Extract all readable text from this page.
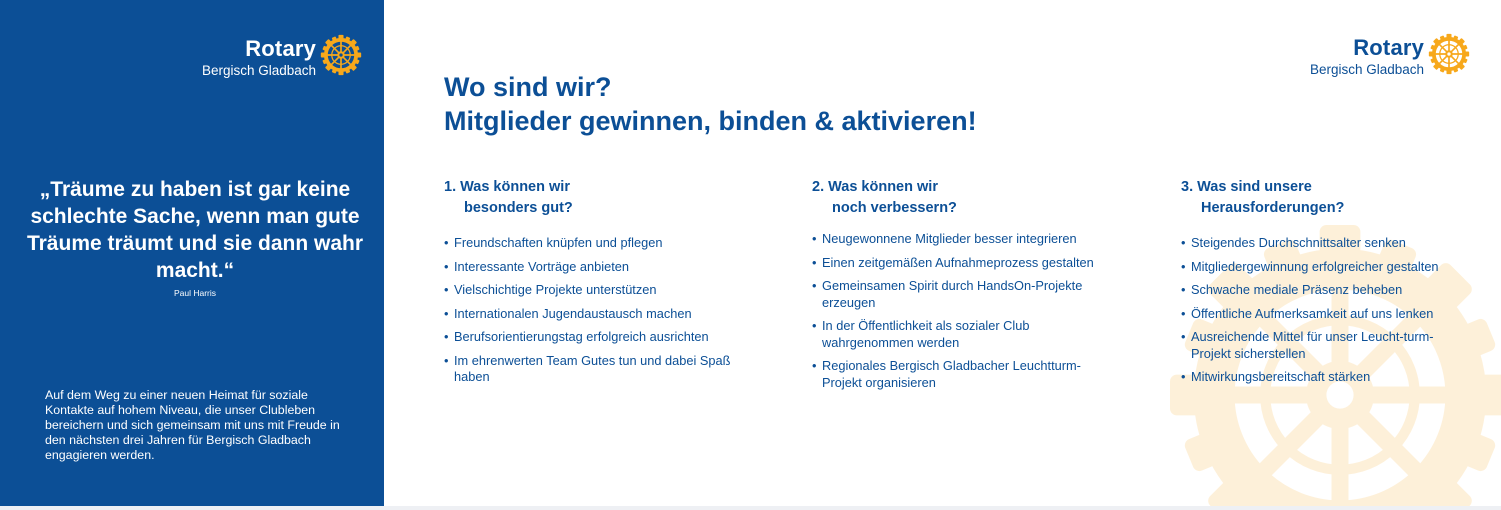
Rotary
Bergisch Gladbach
„Träume zu haben ist gar keine schlechte Sache, wenn man gute Träume träumt und sie dann wahr macht.“
Paul Harris
Auf dem Weg zu einer neuen Heimat für soziale Kontakte auf hohem Niveau, die unser Clubleben bereichern und sich gemeinsam mit uns mit Freude in den nächsten drei Jahren für Bergisch Gladbach engagieren werden.
Rotary
Bergisch Gladbach
Wo sind wir?
Mitglieder gewinnen, binden & aktivieren!
1. Was können wir
besonders gut?
• Freundschaften knüpfen und pflegen
• Interessante Vorträge anbieten
• Vielschichtige Projekte unterstützen
• Internationalen Jugendaustausch machen
• Berufsorientierungstag erfolgreich ausrichten
• Im ehrenwerten Team Gutes tun und dabei Spaß haben
2. Was können wir
noch verbessern?
• Neugewonnene Mitglieder besser integrieren
• Einen zeitgemäßen Aufnahmeprozess gestalten
• Gemeinsamen Spirit durch HandsOn-Projekte erzeugen
• In der Öffentlichkeit als sozialer Club wahrgenommen werden
• Regionales Bergisch Gladbacher Leuchtturm-Projekt organisieren
3. Was sind unsere
Herausforderungen?
• Steigendes Durchschnittsalter senken
• Mitgliedergewinnung erfolgreicher gestalten
• Schwache mediale Präsenz beheben
• Öffentliche Aufmerksamkeit auf uns lenken
• Ausreichende Mittel für unser Leucht-turm-Projekt sicherstellen
• Mitwirkungsbereitschaft stärken
